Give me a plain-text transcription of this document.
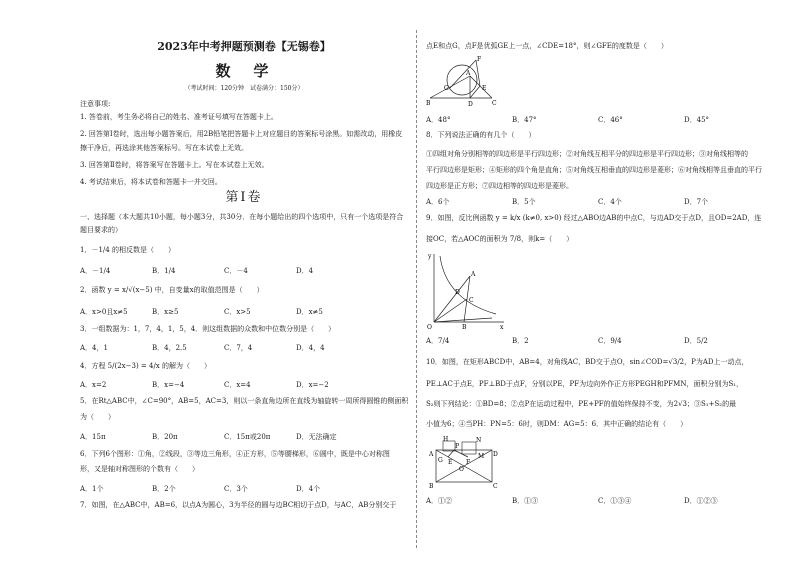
2023年中考押题预测卷【无锡卷】
数　学
（考试时间：120分钟　试卷满分：150分）
注意事项:
1. 答卷前，考生务必将自己的姓名、准考证号填写在答题卡上。
2. 回答第Ⅰ卷时，选出每小题答案后，用2B铅笔把答题卡上对应题目的答案标号涂黑。如需改动，用橡皮
擦干净后，再选涂其他答案标号。写在本试卷上无效。
3. 回答第Ⅱ卷时，将答案写在答题卡上。写在本试卷上无效。
4. 考试结束后，将本试卷和答题卡一并交回。
第Ⅰ卷
一、选择题（本大题共10小题，每小题3分，共30分．在每小题给出的四个选项中，只有一个选项是符合
题目要求的）
1．－1/4 的相反数是（　　）
A．－1/4	B．1/4	C．－4	D．4
2．函数 y = x/√(x−5) 中，自变量x的取值范围是（　　）
A．x>0且x≠5	B．x≥5	C．x>5	D．x≠5
3．一组数据为：1，7，4，1，5，4．则这组数据的众数和中位数分别是（　　）
A．4，1	B．4，2.5	C．7，4	D．4，4
4．方程 5/(2x−3) = 4/x 的解为（　　）
A．x=2	B．x=−4	C．x=4	D．x=−2
5．在Rt△ABC中，∠C=90°，AB=5，AC=3，则以一条直角边所在直线为轴旋转一周所得圆锥的侧面积
为（　　）
A．15π	B．20π	C．15π或20π	D．无法确定
6．下列6个图形：①角，②线段，③等边三角形，④正方形，⑤等腰梯形，⑥圆中，既是中心对称图
形，又是轴对称图形的个数有（　　）
A．1个	B．2个	C．3个	D．4个
7．如图，在△ABC中，AB=6，以点A为圆心，3为半径的圆与边BC相切于点D，与AC，AB分别交于
点E和点G，点F是优弧GE上一点，∠CDE=18°，则∠GFE的度数是（　　）
B	C
A
D
E
F
G
A．48°	B．47°	C．46°	D．45°
8．下列说法正确的有几个（　　）
①四组对角分别相等的四边形是平行四边形；②对角线互相平分的四边形是平行四边形；③对角线相等的
平行四边形是矩形；④矩形的四个角是直角；⑤对角线互相垂直的四边形是菱形；⑥对角线相等且垂直的平行
四边形是正方形；⑦四边相等的四边形是菱形。
A．6个	B．5个	C．4个	D．7个
9．如图，反比例函数 y = k/x (k≠0, x>0) 经过△ABO边AB的中点C，与边AD交于点D，且OD=2AD，连
接OC，若△AOC的面积为 7/8，则k=（　　）
y
x
O
A
B
C
D
A．7/4	B．2	C．9/4	D．5/2
10．如图，在矩形ABCD中，AB=4，对角线AC，BD交于点O，sin∠COD=√3/2，P为AD上一动点，
PE⊥AC于点E，PF⊥BD于点F，分别以PE，PF为边向外作正方形PEGH和PFMN，面积分别为S₁，
S₂则下列结论：①BD=8；②点P在运动过程中，PE+PF的值始终保持不变，为2√3；③S₁+S₂的最
小值为6；④当PH：PN=5：6时，则DM：AG=5：6．其中正确的结论有（　　）
A
B	C
D
E F
G
H
M
N
O
P
A．①②	B．①③	C．①③④	D．①②③
